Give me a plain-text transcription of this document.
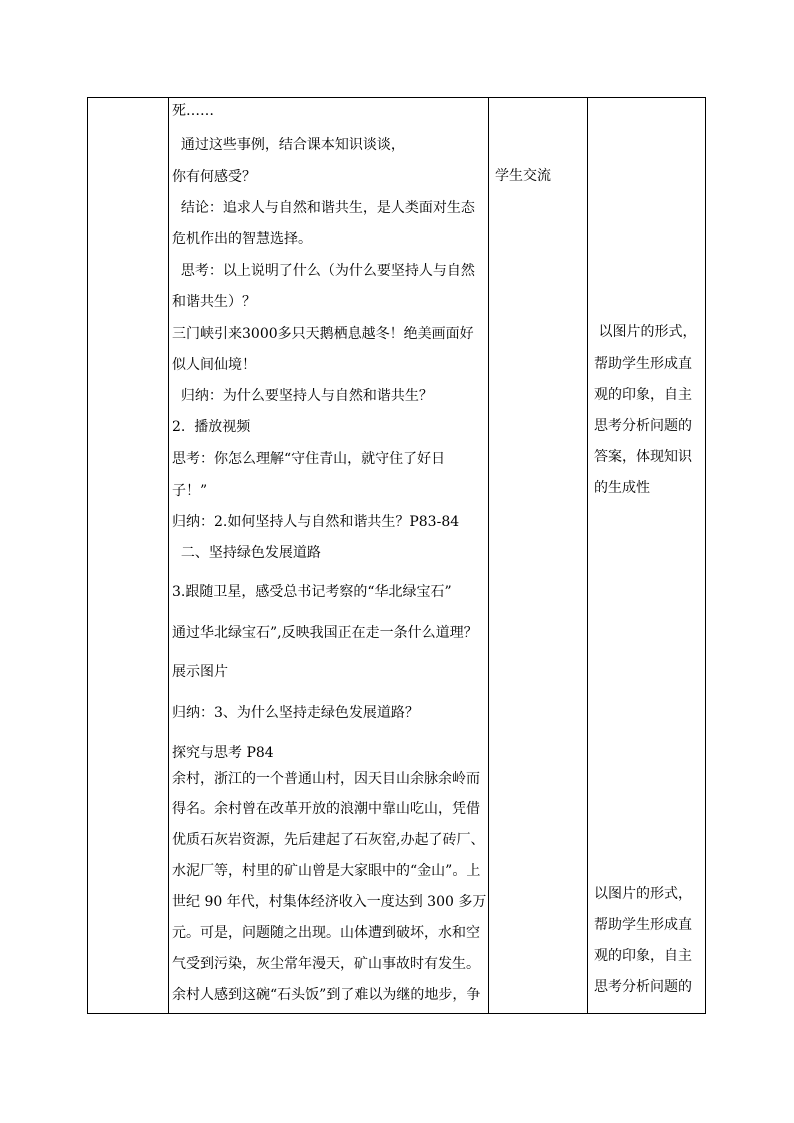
死……
通过这些事例，结合课本知识谈谈，
你有何感受？
结论：追求人与自然和谐共生，是人类面对生态
危机作出的智慧选择。
思考：以上说明了什么（为什么要坚持人与自然
和谐共生）？
三门峡引来3000多只天鹅栖息越冬！绝美画面好
似人间仙境！
归纳：为什么要坚持人与自然和谐共生？
2.  播放视频
思考：你怎么理解“守住青山，就守住了好日
子！”
归纳：2.如何坚持人与自然和谐共生？P83-84
二、坚持绿色发展道路
3.跟随卫星，感受总书记考察的“华北绿宝石”
通过华北绿宝石”,反映我国正在走一条什么道理？
展示图片
归纳：3、为什么坚持走绿色发展道路？
探究与思考 P84
余村，浙江的一个普通山村，因天目山余脉余岭而
得名。余村曾在改革开放的浪潮中靠山吃山，凭借
优质石灰岩资源，先后建起了石灰窑,办起了砖厂、
水泥厂等，村里的矿山曾是大家眼中的“金山”。上
世纪 90 年代，村集体经济收入一度达到 300 多万
元。可是，问题随之出现。山体遭到破坏，水和空
气受到污染，灰尘常年漫天，矿山事故时有发生。
余村人感到这碗“石头饭”到了难以为继的地步，争
学生交流
以图片的形式，
帮助学生形成直
观的印象，自主
思考分析问题的
答案，体现知识
的生成性
以图片的形式，
帮助学生形成直
观的印象，自主
思考分析问题的
